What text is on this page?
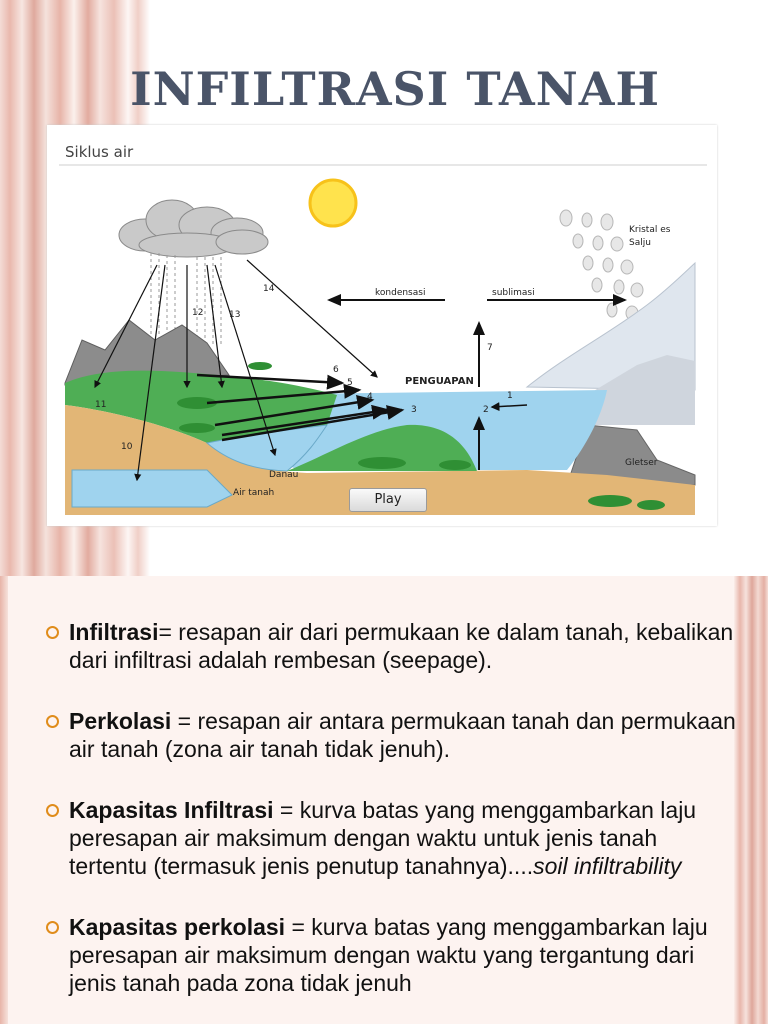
INFILTRASI TANAH
Siklus air
Kristal es
Salju
kondensasi	sublimasi
PENGUAPAN
Danau
Air tanah
Gletser
1
2
3
4
5
6
7
10
11
12	13
14
Play
Infiltrasi= resapan air dari permukaan ke dalam tanah, kebalikan dari infiltrasi adalah rembesan (seepage).
Perkolasi = resapan air antara permukaan tanah dan permukaan air tanah (zona air tanah tidak jenuh).
Kapasitas Infiltrasi = kurva batas yang menggambarkan laju peresapan air maksimum dengan waktu untuk jenis tanah tertentu (termasuk jenis penutup tanahnya)....soil infiltrability
Kapasitas perkolasi = kurva batas yang menggambarkan laju peresapan air maksimum dengan waktu yang tergantung dari jenis tanah pada zona tidak jenuh
